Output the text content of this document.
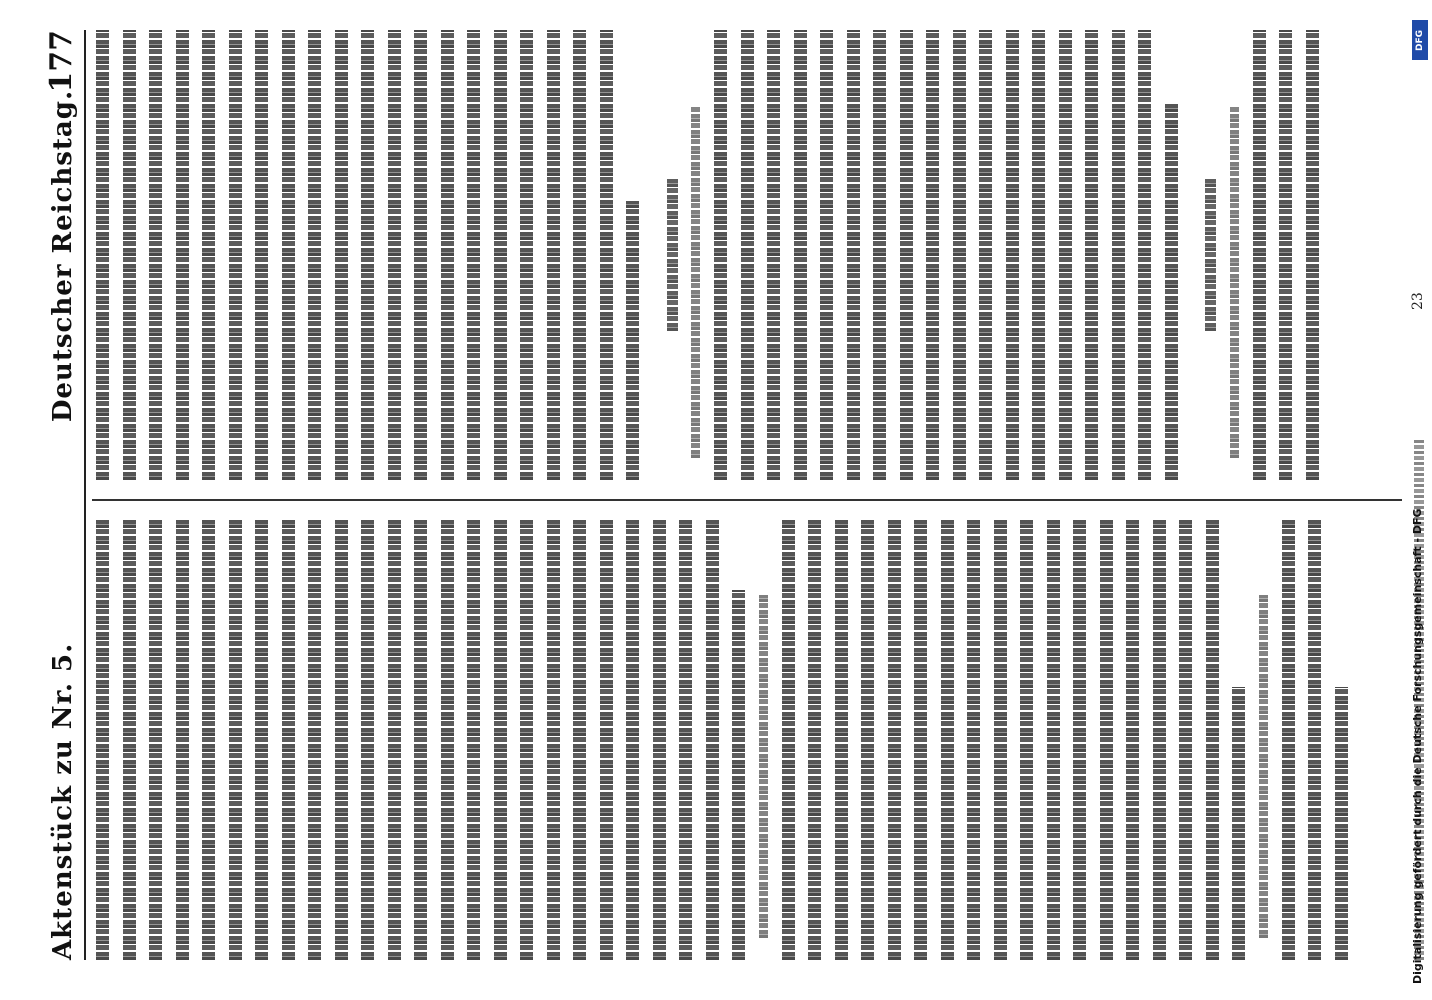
Aktenstück zu Nr. 5.
Deutscher Reichstag.
177
23
Digitalisierung gefördert durch die Deutsche Forschungsgemeinschaft - DFG
DFG
